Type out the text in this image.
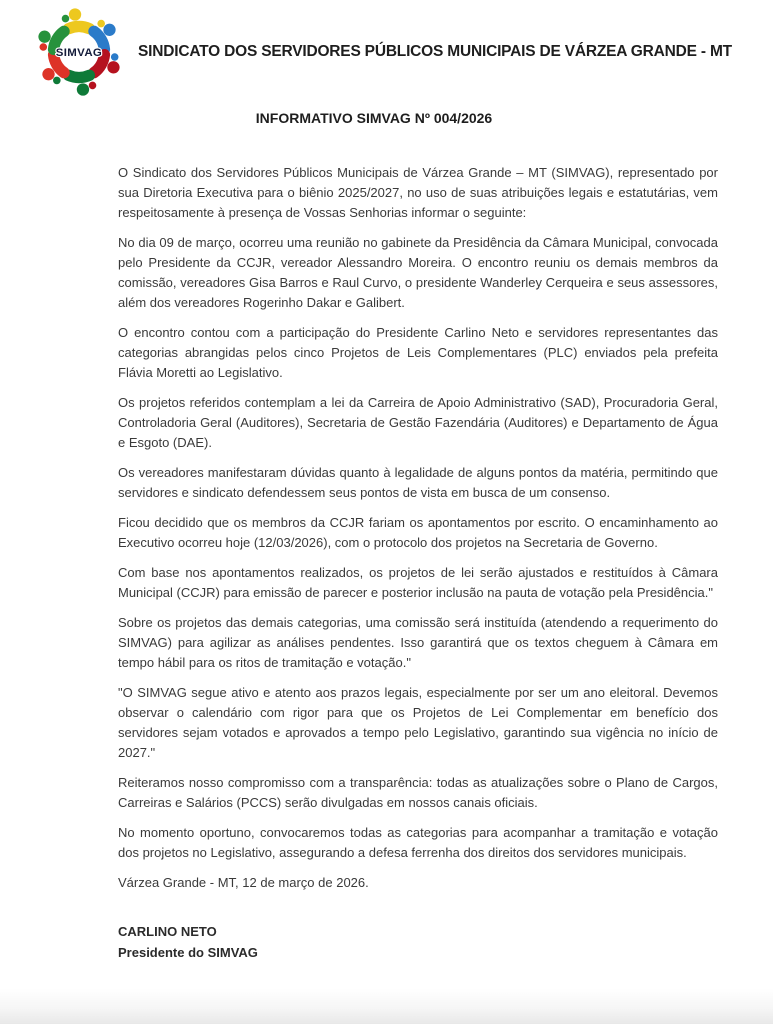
SIMVAG SINDICATO DOS SERVIDORES PÚBLICOS MUNICIPAIS DE VÁRZEA GRANDE - MT
INFORMATIVO SIMVAG Nº 004/2026

O Sindicato dos Servidores Públicos Municipais de Várzea Grande – MT (SIMVAG), representado por sua Diretoria Executiva para o biênio 2025/2027, no uso de suas atribuições legais e estatutárias, vem respeitosamente à presença de Vossas Senhorias informar o seguinte:

No dia 09 de março, ocorreu uma reunião no gabinete da Presidência da Câmara Municipal, convocada pelo Presidente da CCJR, vereador Alessandro Moreira. O encontro reuniu os demais membros da comissão, vereadores Gisa Barros e Raul Curvo, o presidente Wanderley Cerqueira e seus assessores, além dos vereadores Rogerinho Dakar e Galibert.

O encontro contou com a participação do Presidente Carlino Neto e servidores representantes das categorias abrangidas pelos cinco Projetos de Leis Complementares (PLC) enviados pela prefeita Flávia Moretti ao Legislativo.

Os projetos referidos contemplam a lei da Carreira de Apoio Administrativo (SAD), Procuradoria Geral, Controladoria Geral (Auditores), Secretaria de Gestão Fazendária (Auditores) e Departamento de Água e Esgoto (DAE).

Os vereadores manifestaram dúvidas quanto à legalidade de alguns pontos da matéria, permitindo que servidores e sindicato defendessem seus pontos de vista em busca de um consenso.

Ficou decidido que os membros da CCJR fariam os apontamentos por escrito. O encaminhamento ao Executivo ocorreu hoje (12/03/2026), com o protocolo dos projetos na Secretaria de Governo.

Com base nos apontamentos realizados, os projetos de lei serão ajustados e restituídos à Câmara Municipal (CCJR) para emissão de parecer e posterior inclusão na pauta de votação pela Presidência."

Sobre os projetos das demais categorias, uma comissão será instituída (atendendo a requerimento do SIMVAG) para agilizar as análises pendentes. Isso garantirá que os textos cheguem à Câmara em tempo hábil para os ritos de tramitação e votação."

"O SIMVAG segue ativo e atento aos prazos legais, especialmente por ser um ano eleitoral. Devemos observar o calendário com rigor para que os Projetos de Lei Complementar em benefício dos servidores sejam votados e aprovados a tempo pelo Legislativo, garantindo sua vigência no início de 2027."

Reiteramos nosso compromisso com a transparência: todas as atualizações sobre o Plano de Cargos, Carreiras e Salários (PCCS) serão divulgadas em nossos canais oficiais.

No momento oportuno, convocaremos todas as categorias para acompanhar a tramitação e votação dos projetos no Legislativo, assegurando a defesa ferrenha dos direitos dos servidores municipais.

Várzea Grande - MT, 12 de março de 2026.

CARLINO NETO
Presidente do SIMVAG
